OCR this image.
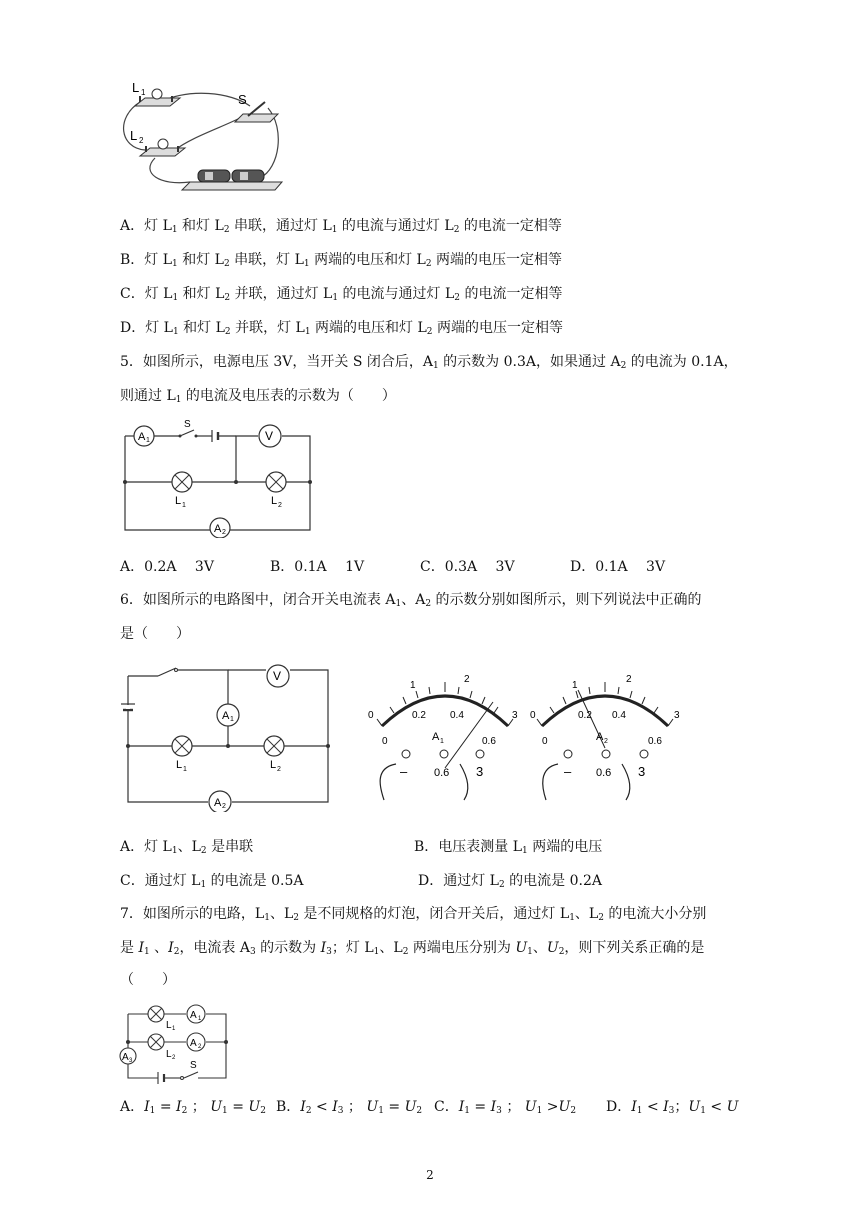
L 1
L 2
S
A．灯 $L_1$ 和灯 $L_2$ 串联，通过灯 $L_1$ 的电流与通过灯 $L_2$ 的电流一定相等
B．灯 $L_1$ 和灯 $L_2$ 串联，灯 $L_1$ 两端的电压和灯 $L_2$ 两端的电压一定相等
C．灯 $L_1$ 和灯 $L_2$ 并联，通过灯 $L_1$ 的电流与通过灯 $L_2$ 的电流一定相等
D．灯 $L_1$ 和灯 $L_2$ 并联，灯 $L_1$ 两端的电压和灯 $L_2$ 两端的电压一定相等
5．如图所示，电源电压 3V，当开关 S 闭合后，$A_1$ 的示数为 0.3A，如果通过 $A_2$ 的电流为 0.1A，
则通过 $L_1$ 的电流及电压表的示数为（　　）
A 1
S
V
L 1	L 2
A 2
A．0.2A　 3V	B．0.1A　 1V	C．0.3A　 3V	D．0.1A　 3V
6．如图所示的电路图中，闭合开关电流表 $A_1$、$A_2$ 的示数分别如图所示，则下列说法中正确的
是（　　）
V
A 1
L 1	L 2
A 2
0
1
2
3
0
0.2 0.4
0.6
A 1
– 0.6 3
0
1
2
3
0
0.2 0.4
0.6
A 2
– 0.6 3
A．灯 $L_1$、$L_2$ 是串联	B．电压表测量 $L_1$ 两端的电压
C．通过灯 $L_1$ 的电流是 0.5A	D．通过灯 $L_2$ 的电流是 0.2A
7．如图所示的电路，$L_1$、$L_2$ 是不同规格的灯泡，闭合开关后，通过灯 $L_1$、$L_2$ 的电流大小分别
是 $I_1$ 、$I_2$，电流表 $A_3$ 的示数为 $I_3$；灯 $L_1$、$L_2$ 两端电压分别为 $U_1$、$U_2$，则下列关系正确的是
（　　）
L 1
A 1
L 2
A 2
A 3	S
A．$I_1 = I_2$ ； $U_1 = U_2$ B．$I_2 < I_3$ ； $U_1 = U_2$ C．$I_1 = I_3$ ； $U_1 >U_2$ D．$I_1 < I_3$；$U_1 < U$
2
